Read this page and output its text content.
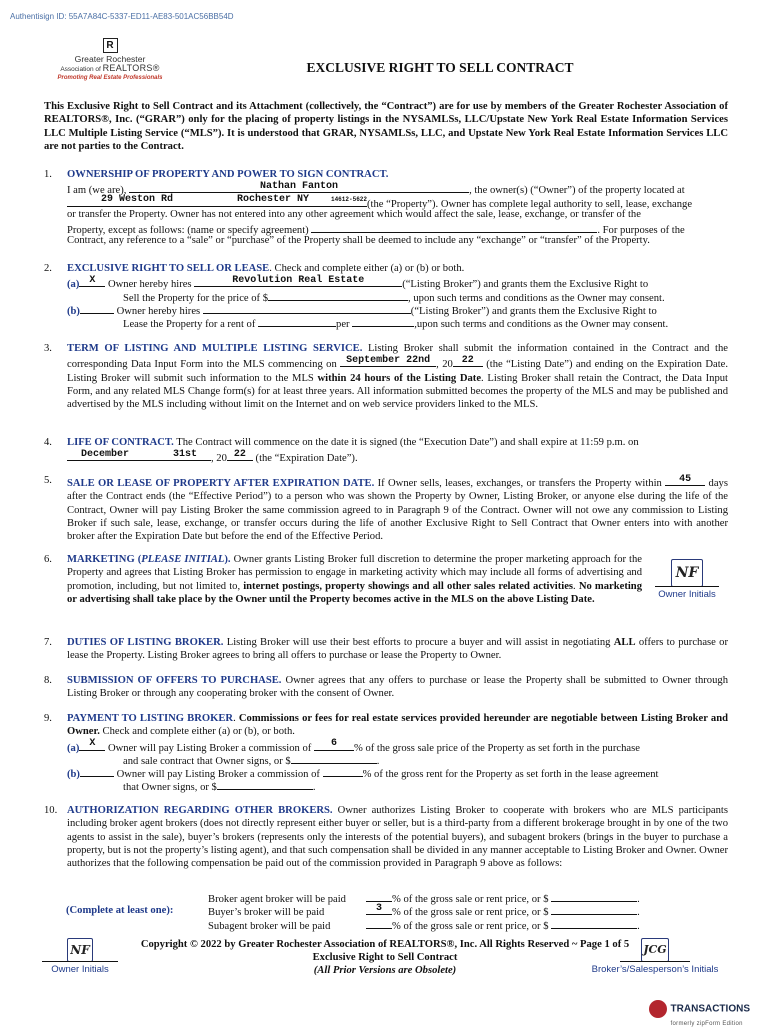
Authentisign ID: 55A7A84C-5337-ED11-AE83-501AC56BB54D
R
Greater Rochester
Association of REALTORS®
Promoting Real Estate Professionals
EXCLUSIVE RIGHT TO SELL CONTRACT
This Exclusive Right to Sell Contract and its Attachment (collectively, the “Contract”) are for use by members of the Greater Rochester Association of REALTORS®, Inc. (“GRAR”) only for the placing of property listings in the NYSAMLSs, LLC/Upstate New York Real Estate Information Services LLC Multiple Listing Service (“MLS”). It is understood that GRAR, NYSAMLSs, LLC, and Upstate New York Real Estate Information Services LLC are not parties to the Contract.
1. OWNERSHIP OF PROPERTY AND POWER TO SIGN CONTRACT.
I am (we are),	Nathan Fanton	, the owner(s) (“Owner”) of the property located at
29 Weston Rd	Rochester NY	14612-5622 (the “Property”). Owner has complete legal authority to sell, lease, exchange
or transfer the Property. Owner has not entered into any other agreement which would affect the sale, lease, exchange, or transfer of the
Property, except as follows: (name or specify agreement)	. For purposes of the
Contract, any reference to a “sale” or “purchase” of the Property shall be deemed to include any “exchange” or “transfer” of the Property.
2. EXCLUSIVE RIGHT TO SELL OR LEASE. Check and complete either (a) or (b) or both.
(a) X Owner hereby hires	Revolution Real Estate	(“Listing Broker”) and grants them the Exclusive Right to
Sell the Property for the price of $	, upon such terms and conditions as the Owner may consent.
(b)	Owner hereby hires	(“Listing Broker”) and grants them the Exclusive Right to
Lease the Property for a rent of	per	,upon such terms and conditions as the Owner may consent.
3. TERM OF LISTING AND MULTIPLE LISTING SERVICE. Listing Broker shall submit the information contained in the Contract and the corresponding Data Input Form into the MLS commencing on September 22nd , 20 22 (the “Listing Date”) and ending on the Expiration Date. Listing Broker will submit such information to the MLS within 24 hours of the Listing Date. Listing Broker shall retain the Contract, the Data Input Form, and any related MLS Change form(s) for at least three years. All information submitted becomes the property of the MLS and may be published and advertised by the MLS including without limit on the Internet and on web service providers linked to the MLS.
4. LIFE OF CONTRACT. The Contract will commence on the date it is signed (the “Execution Date”) and shall expire at 11:59 p.m. on
December	31st	, 20 22 (the “Expiration Date”).
5. SALE OR LEASE OF PROPERTY AFTER EXPIRATION DATE. If Owner sells, leases, exchanges, or transfers the Property within	45	days after the Contract ends (the “Effective Period”) to a person who was shown the Property by Owner, Listing Broker, or anyone else during the life of the Contract, Owner will pay Listing Broker the same commission agreed to in Paragraph 9 of the Contract. Owner will not owe any commission to Listing Broker if such sale, lease, exchange, or transfer occurs during the life of another Exclusive Right to Sell Contract that Owner enters into with another broker after the Expiration Date but before the end of the Effective Period.
6. MARKETING (PLEASE INITIAL). Owner grants Listing Broker full discretion to determine the proper marketing approach for the Property and agrees that Listing Broker has permission to engage in marketing activity which may include all forms of advertising and promotion, including, but not limited to, internet postings, property showings and all other sales related activities. No marketing or advertising shall take place by the Owner until the Property becomes active in the MLS on the above Listing Date.
NF
Owner Initials
7. DUTIES OF LISTING BROKER. Listing Broker will use their best efforts to procure a buyer and will assist in negotiating ALL offers to purchase or lease the Property. Listing Broker agrees to bring all offers to purchase or lease the Property to Owner.
8. SUBMISSION OF OFFERS TO PURCHASE. Owner agrees that any offers to purchase or lease the Property shall be submitted to Owner through Listing Broker or through any cooperating broker with the consent of Owner.
9. PAYMENT TO LISTING BROKER. Commissions or fees for real estate services provided hereunder are negotiable between Listing Broker and Owner. Check and complete either (a) or (b), or both.
(a) X Owner will pay Listing Broker a commission of	6	% of the gross sale price of the Property as set forth in the purchase
and sale contract that Owner signs, or $	.
(b)	Owner will pay Listing Broker a commission of	% of the gross rent for the Property as set forth in the lease agreement
that Owner signs, or $	.
10. AUTHORIZATION REGARDING OTHER BROKERS. Owner authorizes Listing Broker to cooperate with brokers who are MLS participants including broker agent brokers (does not directly represent either buyer or seller, but is a third-party from a different brokerage brought in by one of the two agents to assist in the sale), buyer’s brokers (represents only the interests of the potential buyers), and subagent brokers (brings in the buyer to purchase a property, but is not the property’s listing agent), and that such compensation shall be divided in any manner acceptable to Listing Broker and Owner. Owner authorizes that the following compensation be paid out of the commission provided in Paragraph 9 above as follows:
(Complete at least one):
Broker agent broker will be paid	% of the gross sale or rent price, or $	.
Buyer’s broker will be paid	3 % of the gross sale or rent price, or $	.
Subagent broker will be paid	% of the gross sale or rent price, or $	.
NF
Owner Initials
Copyright © 2022 by Greater Rochester Association of REALTORS®, Inc. All Rights Reserved ~ Page 1 of 5
Exclusive Right to Sell Contract
(All Prior Versions are Obsolete)
JCG
Broker’s/Salesperson’s Initials
TRANSACTIONS
formerly zipForm Edition
